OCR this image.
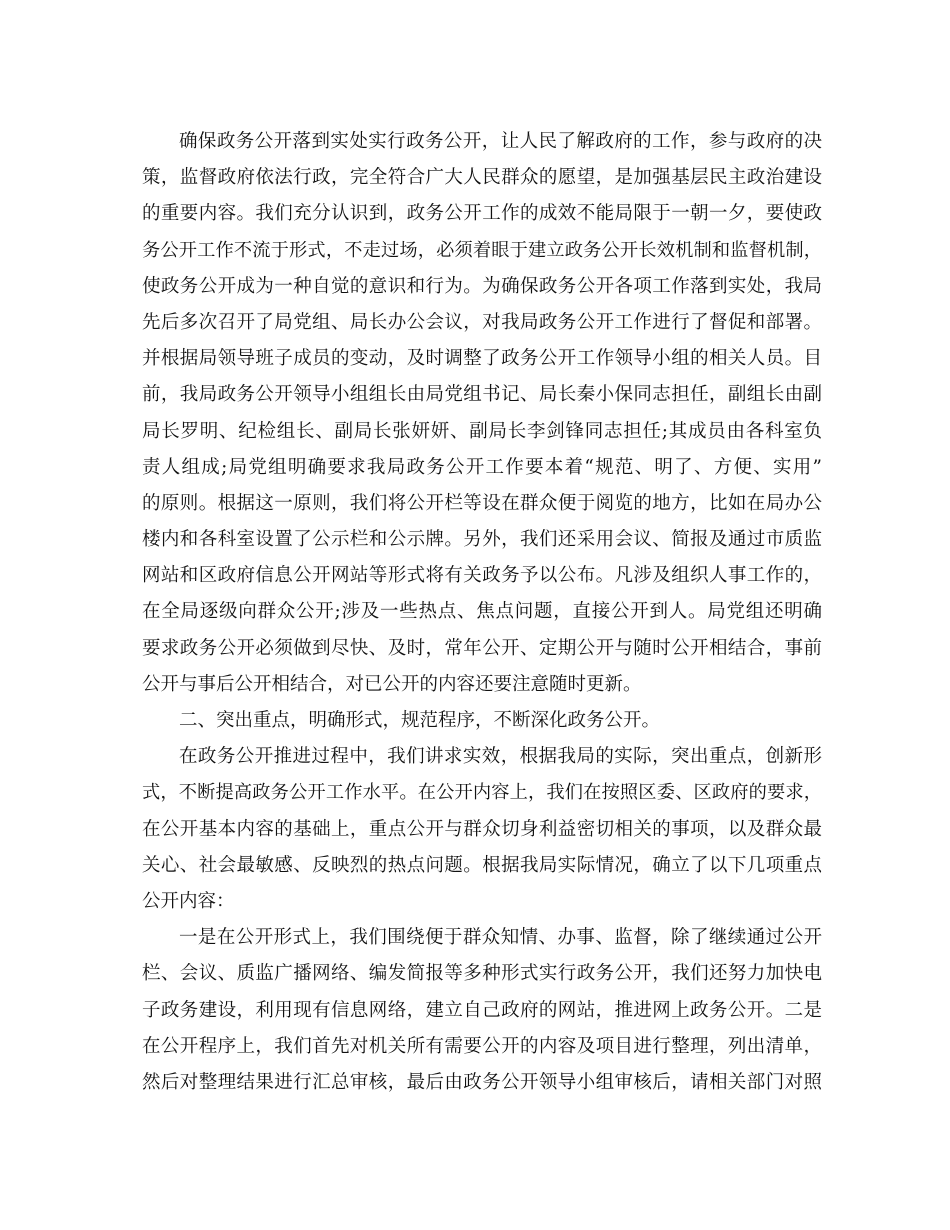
确保政务公开落到实处实行政务公开，让人民了解政府的工作，参与政府的决
策，监督政府依法行政，完全符合广大人民群众的愿望，是加强基层民主政治建设
的重要内容。我们充分认识到，政务公开工作的成效不能局限于一朝一夕，要使政
务公开工作不流于形式，不走过场，必须着眼于建立政务公开长效机制和监督机制，
使政务公开成为一种自觉的意识和行为。为确保政务公开各项工作落到实处，我局
先后多次召开了局党组、局长办公会议，对我局政务公开工作进行了督促和部署。
并根据局领导班子成员的变动，及时调整了政务公开工作领导小组的相关人员。目
前，我局政务公开领导小组组长由局党组书记、局长秦小保同志担任，副组长由副
局长罗明、纪检组长、副局长张妍妍、副局长李剑锋同志担任;其成员由各科室负
责人组成;局党组明确要求我局政务公开工作要本着“规范、明了、方便、实用”
的原则。根据这一原则，我们将公开栏等设在群众便于阅览的地方，比如在局办公
楼内和各科室设置了公示栏和公示牌。另外，我们还采用会议、简报及通过市质监
网站和区政府信息公开网站等形式将有关政务予以公布。凡涉及组织人事工作的，
在全局逐级向群众公开;涉及一些热点、焦点问题，直接公开到人。局党组还明确
要求政务公开必须做到尽快、及时，常年公开、定期公开与随时公开相结合，事前
公开与事后公开相结合，对已公开的内容还要注意随时更新。
二、突出重点，明确形式，规范程序，不断深化政务公开。
在政务公开推进过程中，我们讲求实效，根据我局的实际，突出重点，创新形
式，不断提高政务公开工作水平。在公开内容上，我们在按照区委、区政府的要求，
在公开基本内容的基础上，重点公开与群众切身利益密切相关的事项，以及群众最
关心、社会最敏感、反映烈的热点问题。根据我局实际情况，确立了以下几项重点
公开内容：
一是在公开形式上，我们围绕便于群众知情、办事、监督，除了继续通过公开
栏、会议、质监广播网络、编发简报等多种形式实行政务公开，我们还努力加快电
子政务建设，利用现有信息网络，建立自己政府的网站，推进网上政务公开。二是
在公开程序上，我们首先对机关所有需要公开的内容及项目进行整理，列出清单，
然后对整理结果进行汇总审核，最后由政务公开领导小组审核后，请相关部门对照
